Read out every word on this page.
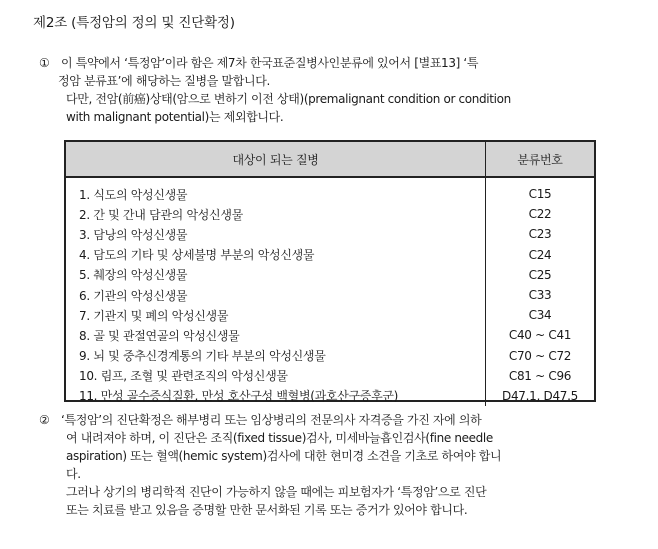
제2조 (특정암의 정의 및 진단확정)
① 이 특약에서 ‘특정암’이라 함은 제7차 한국표준질병사인분류에 있어서 [별표13] ‘특
정암 분류표’에 해당하는 질병을 말합니다.
다만, 전암(前癌)상태(암으로 변하기 이전 상태)(premalignant condition or condition
with malignant potential)는 제외합니다.
대상이 되는 질병	분류번호
1. 식도의 악성신생물	C15
2. 간 및 간내 담관의 악성신생물	C22
3. 담낭의 악성신생물	C23
4. 담도의 기타 및 상세불명 부분의 악성신생물	C24
5. 췌장의 악성신생물	C25
6. 기관의 악성신생물	C33
7. 기관지 및 폐의 악성신생물	C34
8. 골 및 관절연골의 악성신생물	C40 ~ C41
9. 뇌 및 중추신경계통의 기타 부분의 악성신생물	C70 ~ C72
10. 림프, 조혈 및 관련조직의 악성신생물	C81 ~ C96
11. 만성 골수증식질환, 만성 호산구성 백혈병(과호산구증후군)	D47.1, D47.5
② ‘특정암’의 진단확정은 해부병리 또는 임상병리의 전문의사 자격증을 가진 자에 의하
여 내려져야 하며, 이 진단은 조직(fixed tissue)검사, 미세바늘흡인검사(fine needle
aspiration) 또는 혈액(hemic system)검사에 대한 현미경 소견을 기초로 하여야 합니
다.
그러나 상기의 병리학적 진단이 가능하지 않을 때에는 피보험자가 ‘특정암’으로 진단
또는 치료를 받고 있음을 증명할 만한 문서화된 기록 또는 증거가 있어야 합니다.
